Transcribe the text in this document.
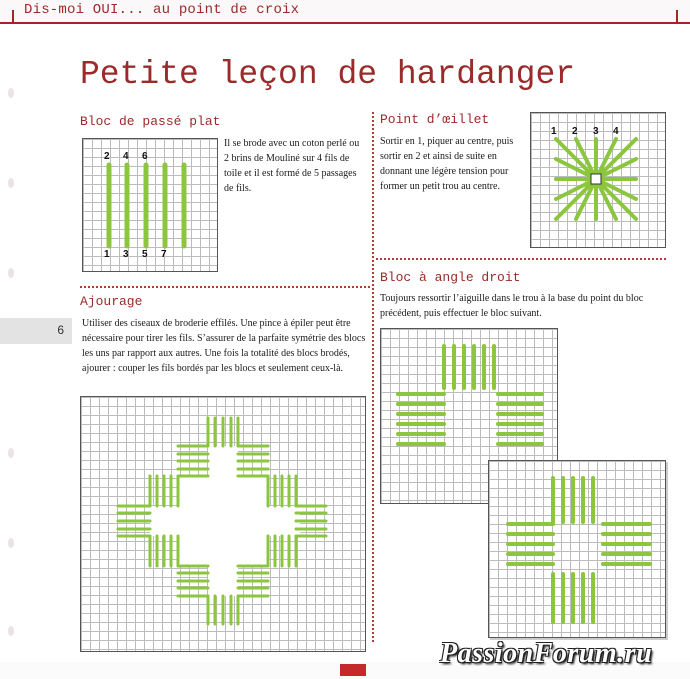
Dis-moi OUI... au point de croix
Petite leçon de hardanger
Bloc de passé plat
2 4 6
1 3 5 7
Il se brode avec un coton perlé ou 2 brins de Mouliné sur 4 fils de toile et il est formé de 5 passages de fils.
Point d’œillet
Sortir en 1, piquer au centre, puis sortir en 2 et ainsi de suite en donnant une légère tension pour former un petit trou au centre.
1 2 3 4
Ajourage
6	Utiliser des ciseaux de broderie effilés. Une pince à épiler peut être nécessaire pour tirer les fils. S’assurer de la parfaite symétrie des blocs les uns par rapport aux autres. Une fois la totalité des blocs brodés, ajourer : couper les fils bordés par les blocs et seulement ceux-là.
Bloc à angle droit
Toujours ressortir l’aiguille dans le trou à la base du point du bloc précédent, puis effectuer le bloc suivant.
PassionForum.ru
